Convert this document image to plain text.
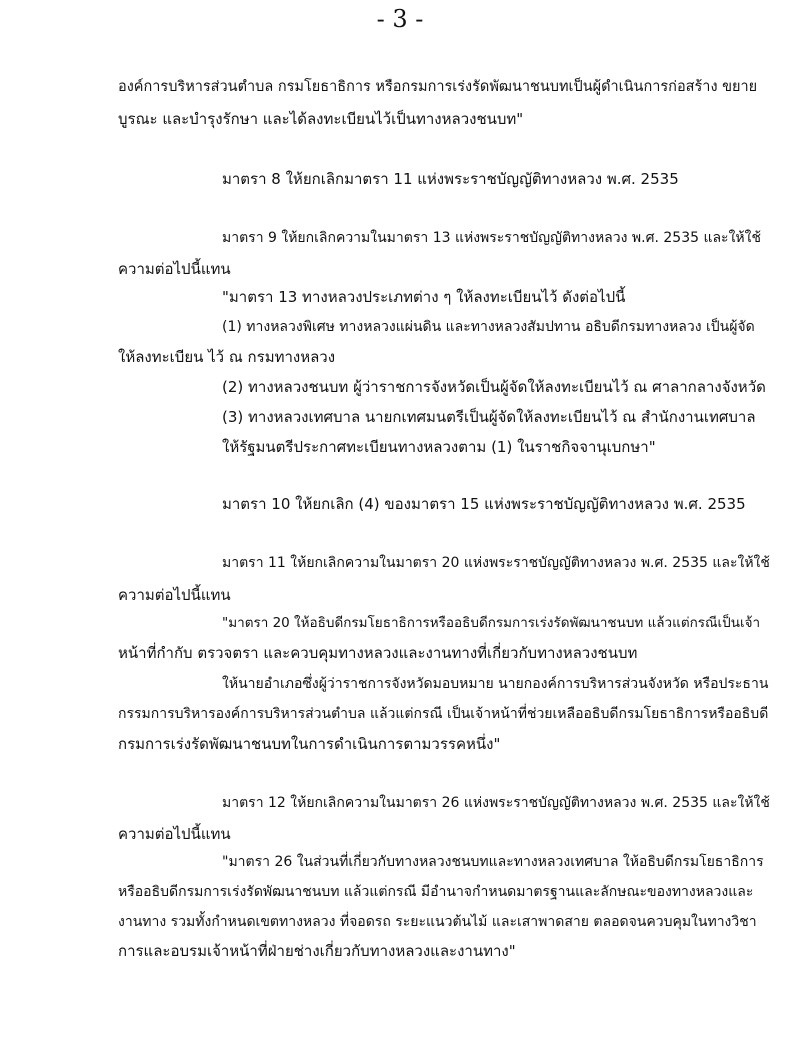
- 3 -
องค์การบริหารส่วนตำบล กรมโยธาธิการ หรือกรมการเร่งรัดพัฒนาชนบทเป็นผู้ดำเนินการก่อสร้าง ขยาย
บูรณะ และบำรุงรักษา และได้ลงทะเบียนไว้เป็นทางหลวงชนบท"
มาตรา 8 ให้ยกเลิกมาตรา 11 แห่งพระราชบัญญัติทางหลวง พ.ศ. 2535
มาตรา 9 ให้ยกเลิกความในมาตรา 13 แห่งพระราชบัญญัติทางหลวง พ.ศ. 2535 และให้ใช้
ความต่อไปนี้แทน
"มาตรา 13 ทางหลวงประเภทต่าง ๆ ให้ลงทะเบียนไว้ ดังต่อไปนี้
(1) ทางหลวงพิเศษ ทางหลวงแผ่นดิน และทางหลวงสัมปทาน อธิบดีกรมทางหลวง เป็นผู้จัด
ให้ลงทะเบียน ไว้ ณ กรมทางหลวง
(2) ทางหลวงชนบท ผู้ว่าราชการจังหวัดเป็นผู้จัดให้ลงทะเบียนไว้ ณ ศาลากลางจังหวัด
(3) ทางหลวงเทศบาล นายกเทศมนตรีเป็นผู้จัดให้ลงทะเบียนไว้ ณ สำนักงานเทศบาล
ให้รัฐมนตรีประกาศทะเบียนทางหลวงตาม (1) ในราชกิจจานุเบกษา"
มาตรา 10 ให้ยกเลิก (4) ของมาตรา 15 แห่งพระราชบัญญัติทางหลวง พ.ศ. 2535
มาตรา 11 ให้ยกเลิกความในมาตรา 20 แห่งพระราชบัญญัติทางหลวง พ.ศ. 2535 และให้ใช้
ความต่อไปนี้แทน
"มาตรา 20 ให้อธิบดีกรมโยธาธิการหรืออธิบดีกรมการเร่งรัดพัฒนาชนบท แล้วแต่กรณีเป็นเจ้า
หน้าที่กำกับ ตรวจตรา และควบคุมทางหลวงและงานทางที่เกี่ยวกับทางหลวงชนบท
ให้นายอำเภอซึ่งผู้ว่าราชการจังหวัดมอบหมาย นายกองค์การบริหารส่วนจังหวัด หรือประธาน
กรรมการบริหารองค์การบริหารส่วนตำบล แล้วแต่กรณี เป็นเจ้าหน้าที่ช่วยเหลืออธิบดีกรมโยธาธิการหรืออธิบดี
กรมการเร่งรัดพัฒนาชนบทในการดำเนินการตามวรรคหนึ่ง"
มาตรา 12 ให้ยกเลิกความในมาตรา 26 แห่งพระราชบัญญัติทางหลวง พ.ศ. 2535 และให้ใช้
ความต่อไปนี้แทน
"มาตรา 26 ในส่วนที่เกี่ยวกับทางหลวงชนบทและทางหลวงเทศบาล ให้อธิบดีกรมโยธาธิการ
หรืออธิบดีกรมการเร่งรัดพัฒนาชนบท แล้วแต่กรณี มีอำนาจกำหนดมาตรฐานและลักษณะของทางหลวงและ
งานทาง รวมทั้งกำหนดเขตทางหลวง ที่จอดรถ ระยะแนวต้นไม้ และเสาพาดสาย ตลอดจนควบคุมในทางวิชา
การและอบรมเจ้าหน้าที่ฝ่ายช่างเกี่ยวกับทางหลวงและงานทาง"
